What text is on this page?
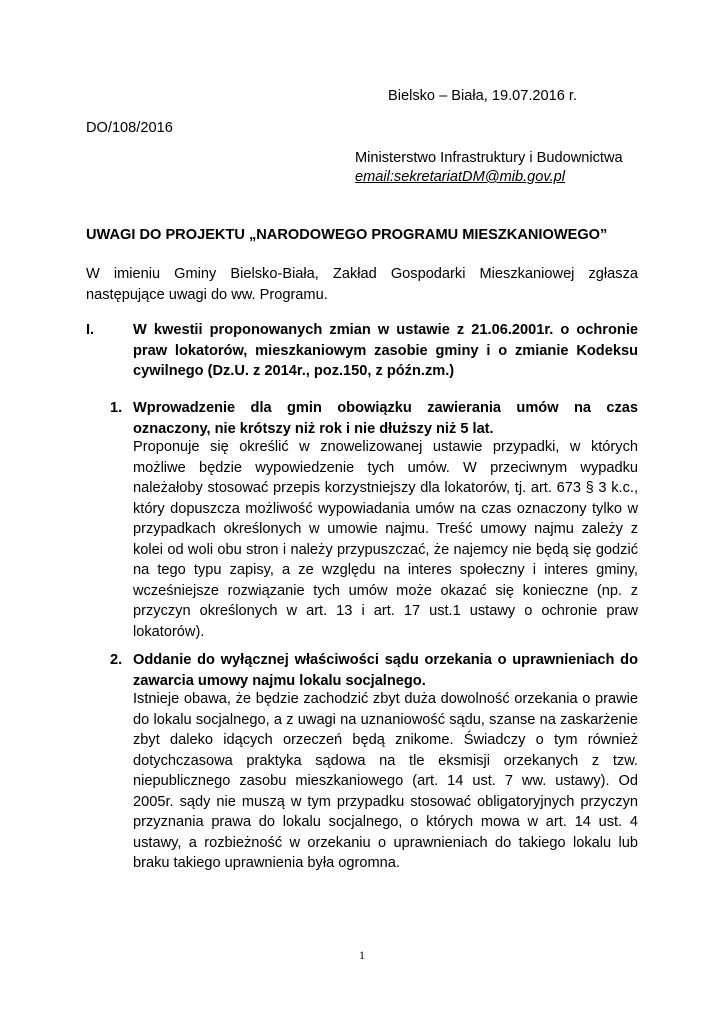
Bielsko – Biała, 19.07.2016 r.
DO/108/2016
Ministerstwo Infrastruktury i Budownictwa
email:sekretariatDM@mib.gov.pl
UWAGI DO PROJEKTU „NARODOWEGO PROGRAMU MIESZKANIOWEGO”
W imieniu Gminy Bielsko-Biała, Zakład Gospodarki Mieszkaniowej zgłasza
następujące uwagi do ww. Programu.
I.	W kwestii proponowanych zmian w ustawie z 21.06.2001r. o ochronie
praw lokatorów, mieszkaniowym zasobie gminy i o zmianie Kodeksu
cywilnego (Dz.U. z 2014r., poz.150, z późn.zm.)
1. Wprowadzenie dla gmin obowiązku zawierania umów na czas
oznaczony, nie krótszy niż rok i nie dłuższy niż 5 lat.
Proponuje się określić w znowelizowanej ustawie przypadki, w których
możliwe będzie wypowiedzenie tych umów. W przeciwnym wypadku
należałoby stosować przepis korzystniejszy dla lokatorów, tj. art. 673 § 3 k.c.,
który dopuszcza możliwość wypowiadania umów na czas oznaczony tylko w
przypadkach określonych w umowie najmu. Treść umowy najmu zależy z
kolei od woli obu stron i należy przypuszczać, że najemcy nie będą się godzić
na tego typu zapisy, a ze względu na interes społeczny i interes gminy,
wcześniejsze rozwiązanie tych umów może okazać się konieczne (np. z
przyczyn określonych w art. 13 i art. 17 ust.1 ustawy o ochronie praw
lokatorów).
2. Oddanie do wyłącznej właściwości sądu orzekania o uprawnieniach do
zawarcia umowy najmu lokalu socjalnego.
Istnieje obawa, że będzie zachodzić zbyt duża dowolność orzekania o prawie
do lokalu socjalnego, a z uwagi na uznaniowość sądu, szanse na zaskarżenie
zbyt daleko idących orzeczeń będą znikome. Świadczy o tym również
dotychczasowa praktyka sądowa na tle eksmisji orzekanych z tzw.
niepublicznego zasobu mieszkaniowego (art. 14 ust. 7 ww. ustawy). Od
2005r. sądy nie muszą w tym przypadku stosować obligatoryjnych przyczyn
przyznania prawa do lokalu socjalnego, o których mowa w art. 14 ust. 4
ustawy, a rozbieżność w orzekaniu o uprawnieniach do takiego lokalu lub
braku takiego uprawnienia była ogromna.
1
